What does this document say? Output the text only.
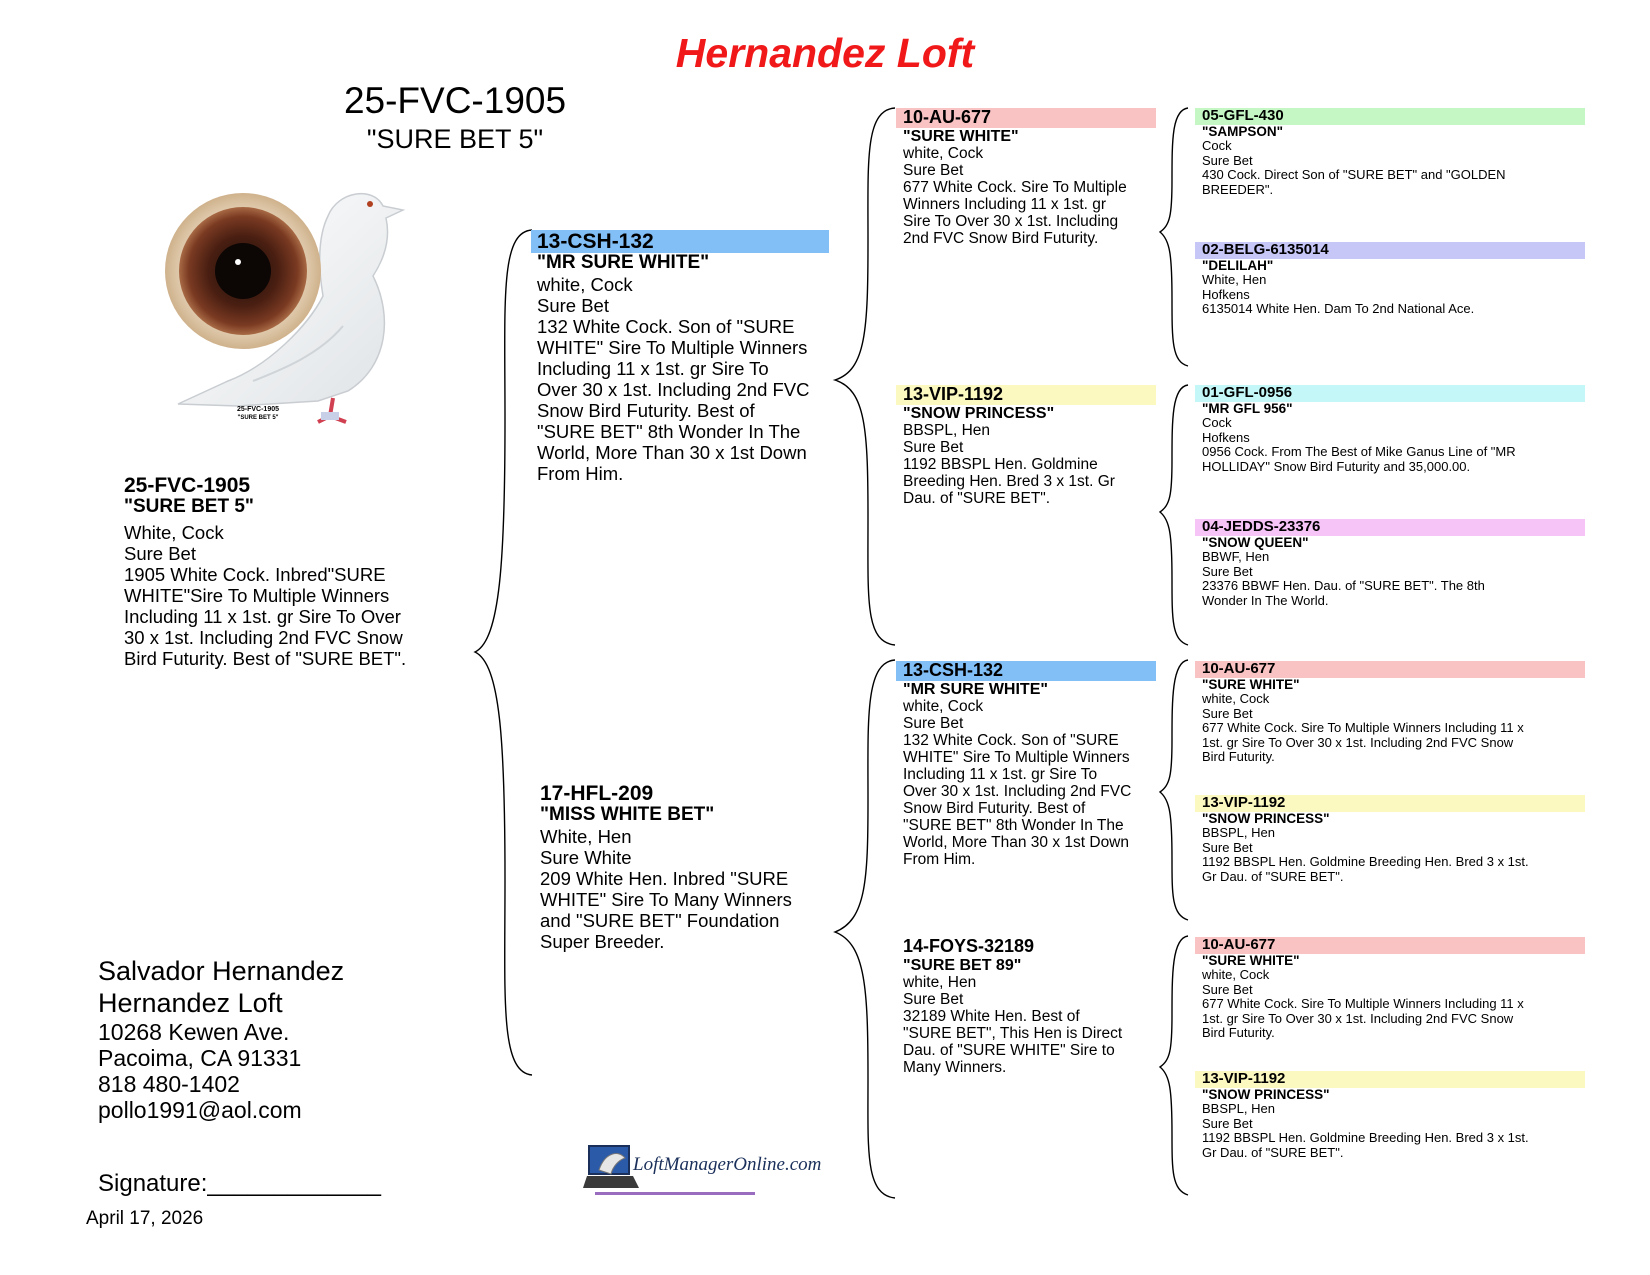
Hernandez Loft
25-FVC-1905
"SURE BET 5"
25-FVC-1905
"SURE BET 5"
25-FVC-1905
"SURE BET 5"
White, Cock
Sure Bet
1905 White Cock. Inbred"SURE
WHITE"Sire To Multiple Winners
Including 11 x 1st. gr Sire To Over
30 x 1st. Including 2nd FVC Snow
Bird Futurity. Best of "SURE BET".
13-CSH-132
"MR SURE WHITE"
white, Cock
Sure Bet
132 White Cock. Son of "SURE
WHITE" Sire To Multiple Winners
Including 11 x 1st. gr Sire To
Over 30 x 1st. Including 2nd FVC
Snow Bird Futurity. Best of
"SURE BET" 8th Wonder In The
World, More Than 30 x 1st Down
From Him.
17-HFL-209
"MISS WHITE BET"
White, Hen
Sure White
209 White Hen. Inbred "SURE
WHITE" Sire To Many Winners
and "SURE BET" Foundation
Super Breeder.
10-AU-677
"SURE WHITE"
white, Cock
Sure Bet
677 White Cock. Sire To Multiple
Winners Including 11 x 1st. gr
Sire To Over 30 x 1st. Including
2nd FVC Snow Bird Futurity.
13-VIP-1192
"SNOW PRINCESS"
BBSPL, Hen
Sure Bet
1192 BBSPL Hen. Goldmine
Breeding Hen. Bred 3 x 1st. Gr
Dau. of "SURE BET".
13-CSH-132
"MR SURE WHITE"
white, Cock
Sure Bet
132 White Cock. Son of "SURE
WHITE" Sire To Multiple Winners
Including 11 x 1st. gr Sire To
Over 30 x 1st. Including 2nd FVC
Snow Bird Futurity. Best of
"SURE BET" 8th Wonder In The
World, More Than 30 x 1st Down
From Him.
14-FOYS-32189
"SURE BET 89"
white, Hen
Sure Bet
32189 White Hen. Best of
"SURE BET", This Hen is Direct
Dau. of "SURE WHITE" Sire to
Many Winners.
05-GFL-430
"SAMPSON"
Cock
Sure Bet
430 Cock. Direct Son of "SURE BET" and "GOLDEN
BREEDER".
02-BELG-6135014
"DELILAH"
White, Hen
Hofkens
6135014 White Hen. Dam To 2nd National Ace.
01-GFL-0956
"MR GFL 956"
Cock
Hofkens
0956 Cock. From The Best of Mike Ganus Line of "MR
HOLLIDAY" Snow Bird Futurity and 35,000.00.
04-JEDDS-23376
"SNOW QUEEN"
BBWF, Hen
Sure Bet
23376 BBWF Hen. Dau. of "SURE BET". The 8th
Wonder In The World.
10-AU-677
"SURE WHITE"
white, Cock
Sure Bet
677 White Cock. Sire To Multiple Winners Including 11 x
1st. gr Sire To Over 30 x 1st. Including 2nd FVC Snow
Bird Futurity.
13-VIP-1192
"SNOW PRINCESS"
BBSPL, Hen
Sure Bet
1192 BBSPL Hen. Goldmine Breeding Hen. Bred 3 x 1st.
Gr Dau. of "SURE BET".
10-AU-677
"SURE WHITE"
white, Cock
Sure Bet
677 White Cock. Sire To Multiple Winners Including 11 x
1st. gr Sire To Over 30 x 1st. Including 2nd FVC Snow
Bird Futurity.
13-VIP-1192
"SNOW PRINCESS"
BBSPL, Hen
Sure Bet
1192 BBSPL Hen. Goldmine Breeding Hen. Bred 3 x 1st.
Gr Dau. of "SURE BET".
Salvador Hernandez
Hernandez Loft
10268 Kewen Ave.
Pacoima, CA 91331
818 480-1402
pollo1991@aol.com
Signature:_____________
April 17, 2026
LoftManagerOnline.com
